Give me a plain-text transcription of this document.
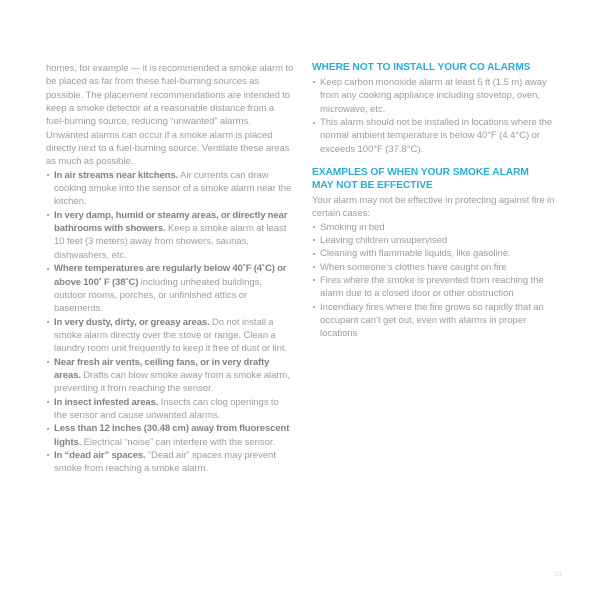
homes, for example — it is recommended a smoke alarm to be placed as far from these fuel-burning sources as possible. The placement recommendations are intended to keep a smoke detector at a reasonable distance from a fuel-burning source, reducing “unwanted” alarms. Unwanted alarms can occur if a smoke alarm is placed directly next to a fuel-burning source. Ventilate these areas as much as possible.

In air streams near kitchens. Air currents can draw cooking smoke into the sensor of a smoke alarm near the kitchen.

In very damp, humid or steamy areas, or directly near bathrooms with showers. Keep a smoke alarm at least 10 feet (3 meters) away from showers, saunas, dishwashers, etc.

Where temperatures are regularly below 40˚F (4˚C) or above 100˚ F (38˚C) including unheated buildings, outdoor rooms, porches, or unfinished attics or basements.

In very dusty, dirty, or greasy areas. Do not install a smoke alarm directly over the stove or range. Clean a laundry room unit frequently to keep it free of dust or lint.

Near fresh air vents, ceiling fans, or in very drafty areas. Drafts can blow smoke away from a smoke alarm, preventing it from reaching the sensor.

In insect infested areas. Insects can clog openings to the sensor and cause unwanted alarms.

Less than 12 inches (30.48 cm) away from fluorescent lights. Electrical “noise” can interfere with the sensor.

In “dead air” spaces. “Dead air” spaces may prevent smoke from reaching a smoke alarm.

WHERE NOT TO INSTALL YOUR CO ALARMS

Keep carbon monoxide alarm at least 5 ft (1.5 m) away from any cooking appliance including stovetop, oven, microwave, etc.

This alarm should not be installed in locations where the normal ambient temperature is below 40°F (4.4°C) or exceeds 100°F (37.8°C).

EXAMPLES OF WHEN YOUR SMOKE ALARM
MAY NOT BE EFFECTIVE

Your alarm may not be effective in protecting against fire in certain cases:

Smoking in bed

Leaving children unsupervised

Cleaning with flammable liquids, like gasoline.

When someone’s clothes have caught on fire

Fires where the smoke is prevented from reaching the alarm due to a closed door or other obstruction

Incendiary fires where the fire grows so rapidly that an occupant can’t get out, even with alarms in proper locations

23
